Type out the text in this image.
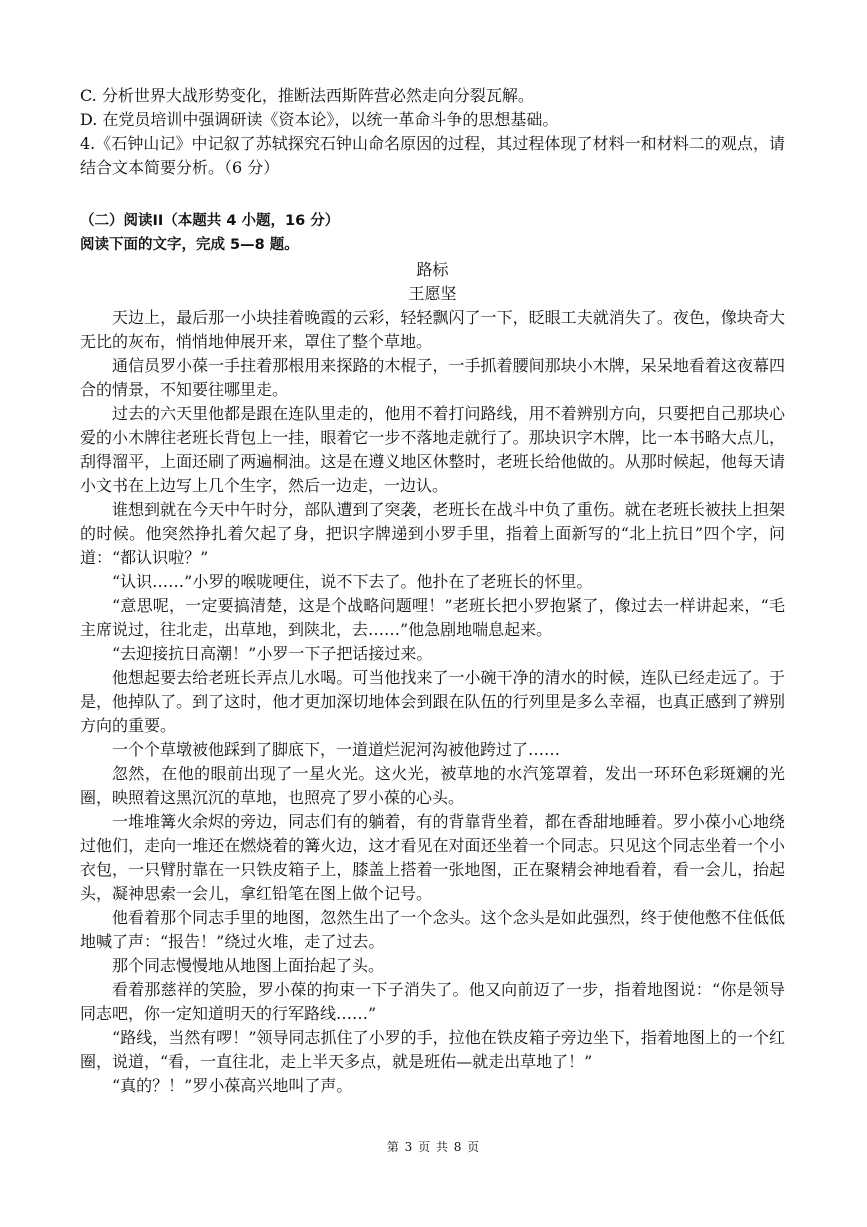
C. 分析世界大战形势变化，推断法西斯阵营必然走向分裂瓦解。

D. 在党员培训中强调研读《资本论》，以统一革命斗争的思想基础。

4.《石钟山记》中记叙了苏轼探究石钟山命名原因的过程，其过程体现了材料一和材料二的观点，请结合文本简要分析。（6 分）

（二）阅读II（本题共 4 小题，16 分）

阅读下面的文字，完成 5—8 题。

路标

王愿坚

天边上，最后那一小块挂着晚霞的云彩，轻轻飘闪了一下，眨眼工夫就消失了。夜色，像块奇大无比的灰布，悄悄地伸展开来，罩住了整个草地。

通信员罗小葆一手拄着那根用来探路的木棍子，一手抓着腰间那块小木牌，呆呆地看着这夜幕四合的情景，不知要往哪里走。

过去的六天里他都是跟在连队里走的，他用不着打问路线，用不着辨别方向，只要把自己那块心爱的小木牌往老班长背包上一挂，眼着它一步不落地走就行了。那块识字木牌，比一本书略大点儿，刮得溜平，上面还刷了两遍桐油。这是在遵义地区休整时，老班长给他做的。从那时候起，他每天请小文书在上边写上几个生字，然后一边走，一边认。

谁想到就在今天中午时分，部队遭到了突袭，老班长在战斗中负了重伤。就在老班长被扶上担架的时候。他突然挣扎着欠起了身，把识字牌递到小罗手里，指着上面新写的“北上抗日”四个字，问道：“都认识啦？”

“认识……”小罗的喉咙哽住，说不下去了。他扑在了老班长的怀里。

“意思呢，一定要搞清楚，这是个战略问题哩！”老班长把小罗抱紧了，像过去一样讲起来，“毛主席说过，往北走，出草地，到陕北，去……”他急剧地喘息起来。

“去迎接抗日高潮！”小罗一下子把话接过来。

他想起要去给老班长弄点儿水喝。可当他找来了一小碗干净的清水的时候，连队已经走远了。于是，他掉队了。到了这时，他才更加深切地体会到跟在队伍的行列里是多么幸福，也真正感到了辨别方向的重要。

一个个草墩被他踩到了脚底下，一道道烂泥河沟被他跨过了……

忽然，在他的眼前出现了一星火光。这火光，被草地的水汽笼罩着，发出一环环色彩斑斓的光圈，映照着这黑沉沉的草地，也照亮了罗小葆的心头。

一堆堆篝火余烬的旁边，同志们有的躺着，有的背靠背坐着，都在香甜地睡着。罗小葆小心地绕过他们，走向一堆还在燃烧着的篝火边，这才看见在对面还坐着一个同志。只见这个同志坐着一个小衣包，一只臂肘靠在一只铁皮箱子上，膝盖上搭着一张地图，正在聚精会神地看着，看一会儿，抬起头，凝神思索一会儿，拿红铅笔在图上做个记号。

他看着那个同志手里的地图，忽然生出了一个念头。这个念头是如此强烈，终于使他憋不住低低地喊了声：“报告！”绕过火堆，走了过去。

那个同志慢慢地从地图上面抬起了头。

看着那慈祥的笑脸，罗小葆的拘束一下子消失了。他又向前迈了一步，指着地图说：“你是领导同志吧，你一定知道明天的行军路线……”

“路线，当然有啰！”领导同志抓住了小罗的手，拉他在铁皮箱子旁边坐下，指着地图上的一个红圈，说道，“看，一直往北，走上半天多点，就是班佑—就走出草地了！”

“真的？！”罗小葆高兴地叫了声。

第 3 页 共 8 页
